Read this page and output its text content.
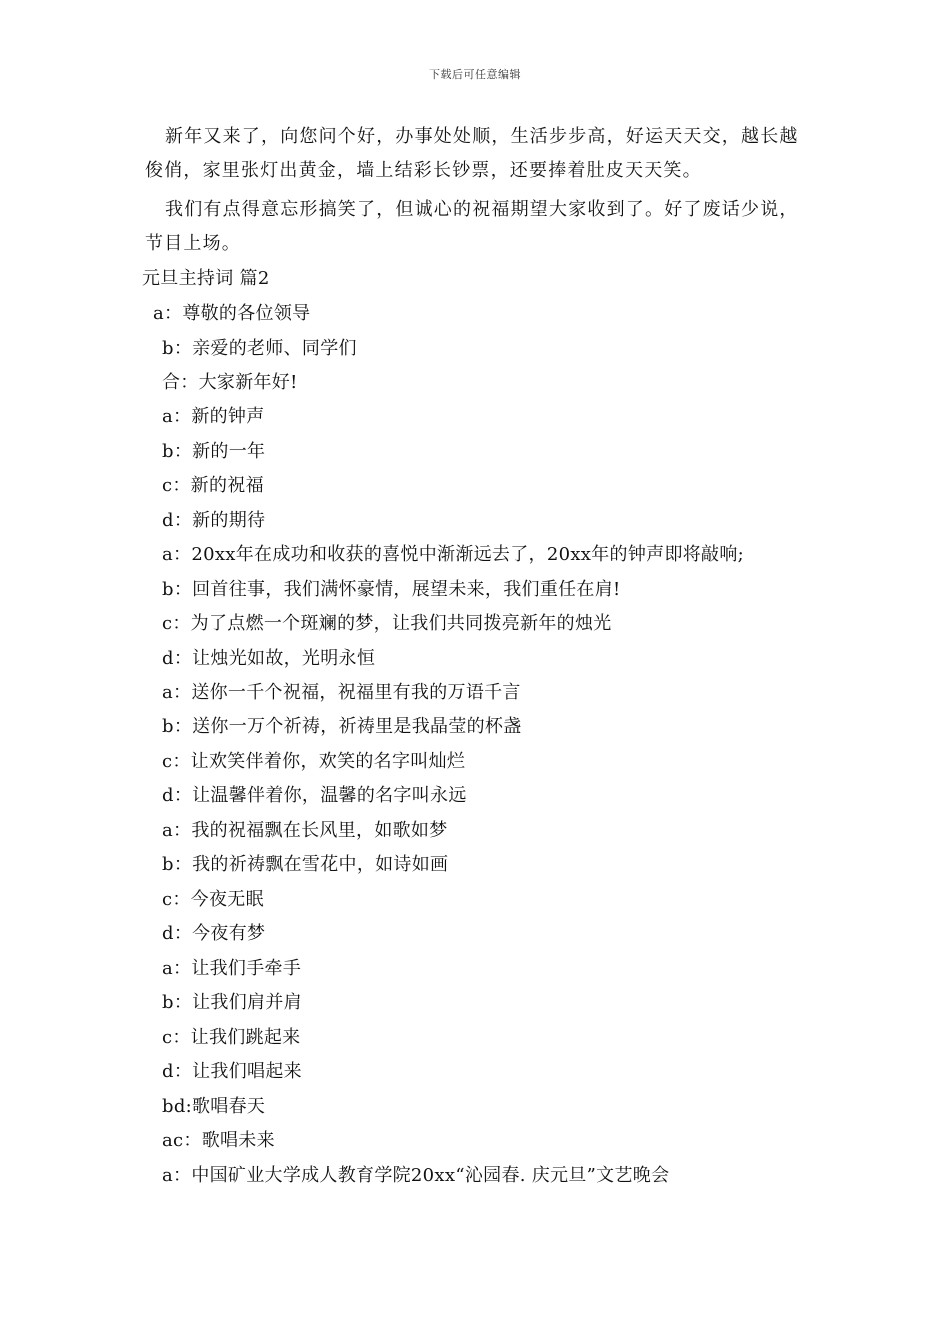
下载后可任意编辑
新年又来了，向您问个好，办事处处顺，生活步步高，好运天天交，越长越俊俏，家里张灯出黄金，墙上结彩长钞票，还要捧着肚皮天天笑。
我们有点得意忘形搞笑了，但诚心的祝福期望大家收到了。好了废话少说，节目上场。
元旦主持词 篇2
a：尊敬的各位领导
b：亲爱的老师、同学们
合：大家新年好!
a：新的钟声
b：新的一年
c：新的祝福
d：新的期待
a：20xx年在成功和收获的喜悦中渐渐远去了，20xx年的钟声即将敲响;
b：回首往事，我们满怀豪情，展望未来，我们重任在肩!
c：为了点燃一个斑斓的梦，让我们共同拨亮新年的烛光
d：让烛光如故，光明永恒
a：送你一千个祝福，祝福里有我的万语千言
b：送你一万个祈祷，祈祷里是我晶莹的杯盏
c：让欢笑伴着你，欢笑的名字叫灿烂
d：让温馨伴着你，温馨的名字叫永远
a：我的祝福飘在长风里，如歌如梦
b：我的祈祷飘在雪花中，如诗如画
c：今夜无眠
d：今夜有梦
a：让我们手牵手
b：让我们肩并肩
c：让我们跳起来
d：让我们唱起来
bd:歌唱春天
ac：歌唱未来
a：中国矿业大学成人教育学院20xx“沁园春. 庆元旦”文艺晚会
